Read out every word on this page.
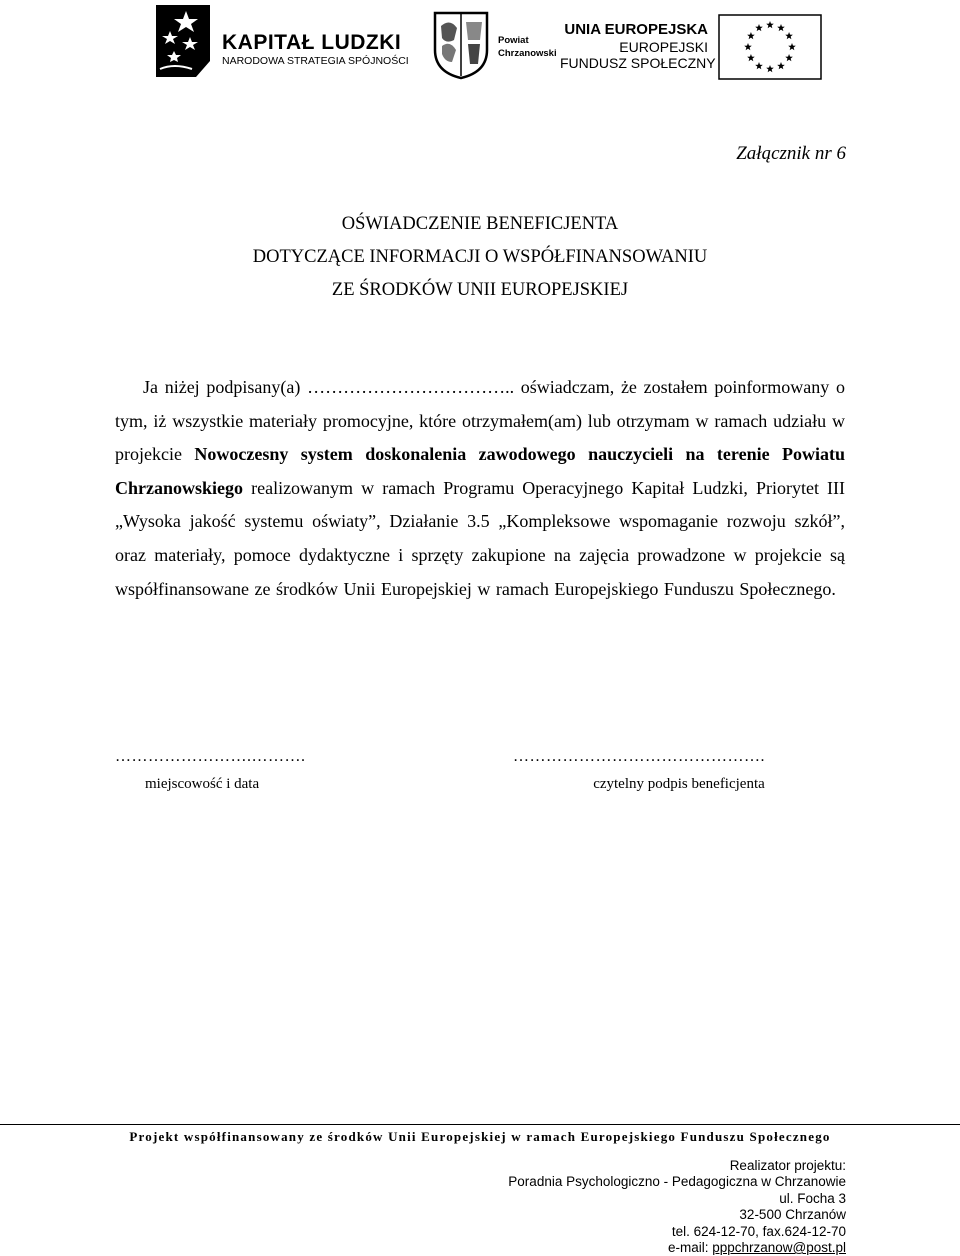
KAPITAŁ LUDZKI
NARODOWA STRATEGIA SPÓJNOŚCI
Powiat
Chrzanowski
UNIA EUROPEJSKA
EUROPEJSKI
FUNDUSZ SPOŁECZNY
Załącznik nr 6
OŚWIADCZENIE BENEFICJENTA
DOTYCZĄCE INFORMACJI O WSPÓŁFINANSOWANIU
ZE ŚRODKÓW UNII EUROPEJSKIEJ

Ja niżej podpisany(a) …………………………….. oświadczam, że zostałem poinformowany o tym, iż wszystkie materiały promocyjne, które otrzymałem(am) lub otrzymam w ramach udziału w projekcie Nowoczesny system doskonalenia zawodowego nauczycieli na terenie Powiatu Chrzanowskiego realizowanym w ramach Programu Operacyjnego Kapitał Ludzki, Priorytet III „Wysoka jakość systemu oświaty”, Działanie 3.5 „Kompleksowe wspomaganie rozwoju szkół”, oraz materiały, pomoce dydaktyczne i sprzęty zakupione na zajęcia prowadzone w projekcie są współfinansowane ze środków Unii Europejskiej w ramach Europejskiego Funduszu Społecznego.

…………………….……….
miejscowość i data
……………………………………….
czytelny podpis beneficjenta
Projekt współfinansowany ze środków Unii Europejskiej w ramach Europejskiego Funduszu Społecznego
Realizator projektu:
Poradnia Psychologiczno - Pedagogiczna w Chrzanowie
ul. Focha 3
32-500 Chrzanów
tel. 624-12-70, fax.624-12-70
e-mail: pppchrzanow@post.pl
